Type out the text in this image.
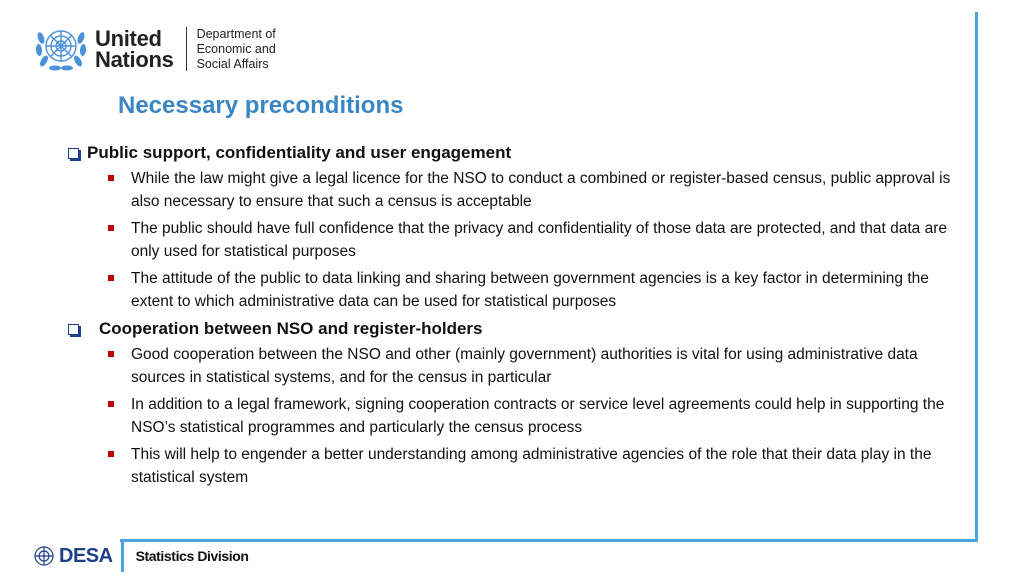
United
Nations
Department of
Economic and
Social Affairs
Necessary preconditions
Public support, confidentiality and user engagement
While the law might give a legal licence for the NSO to conduct a combined or register-based census, public approval is also necessary to ensure that such a census is acceptable
The public should have full confidence that the privacy and confidentiality of those data are protected, and that data are only used for statistical purposes
The attitude of the public to data linking and sharing between government agencies is a key factor in determining the extent to which administrative data can be used for statistical purposes
Cooperation between NSO and register-holders
Good cooperation between the NSO and other (mainly government) authorities is vital for using administrative data sources in statistical systems, and for the census in particular
In addition to a legal framework, signing cooperation contracts or service level agreements could help in supporting the NSO’s statistical programmes and particularly the census process
This will help to engender a better understanding among administrative agencies of the role that their data play in the statistical system
DESA Statistics Division
